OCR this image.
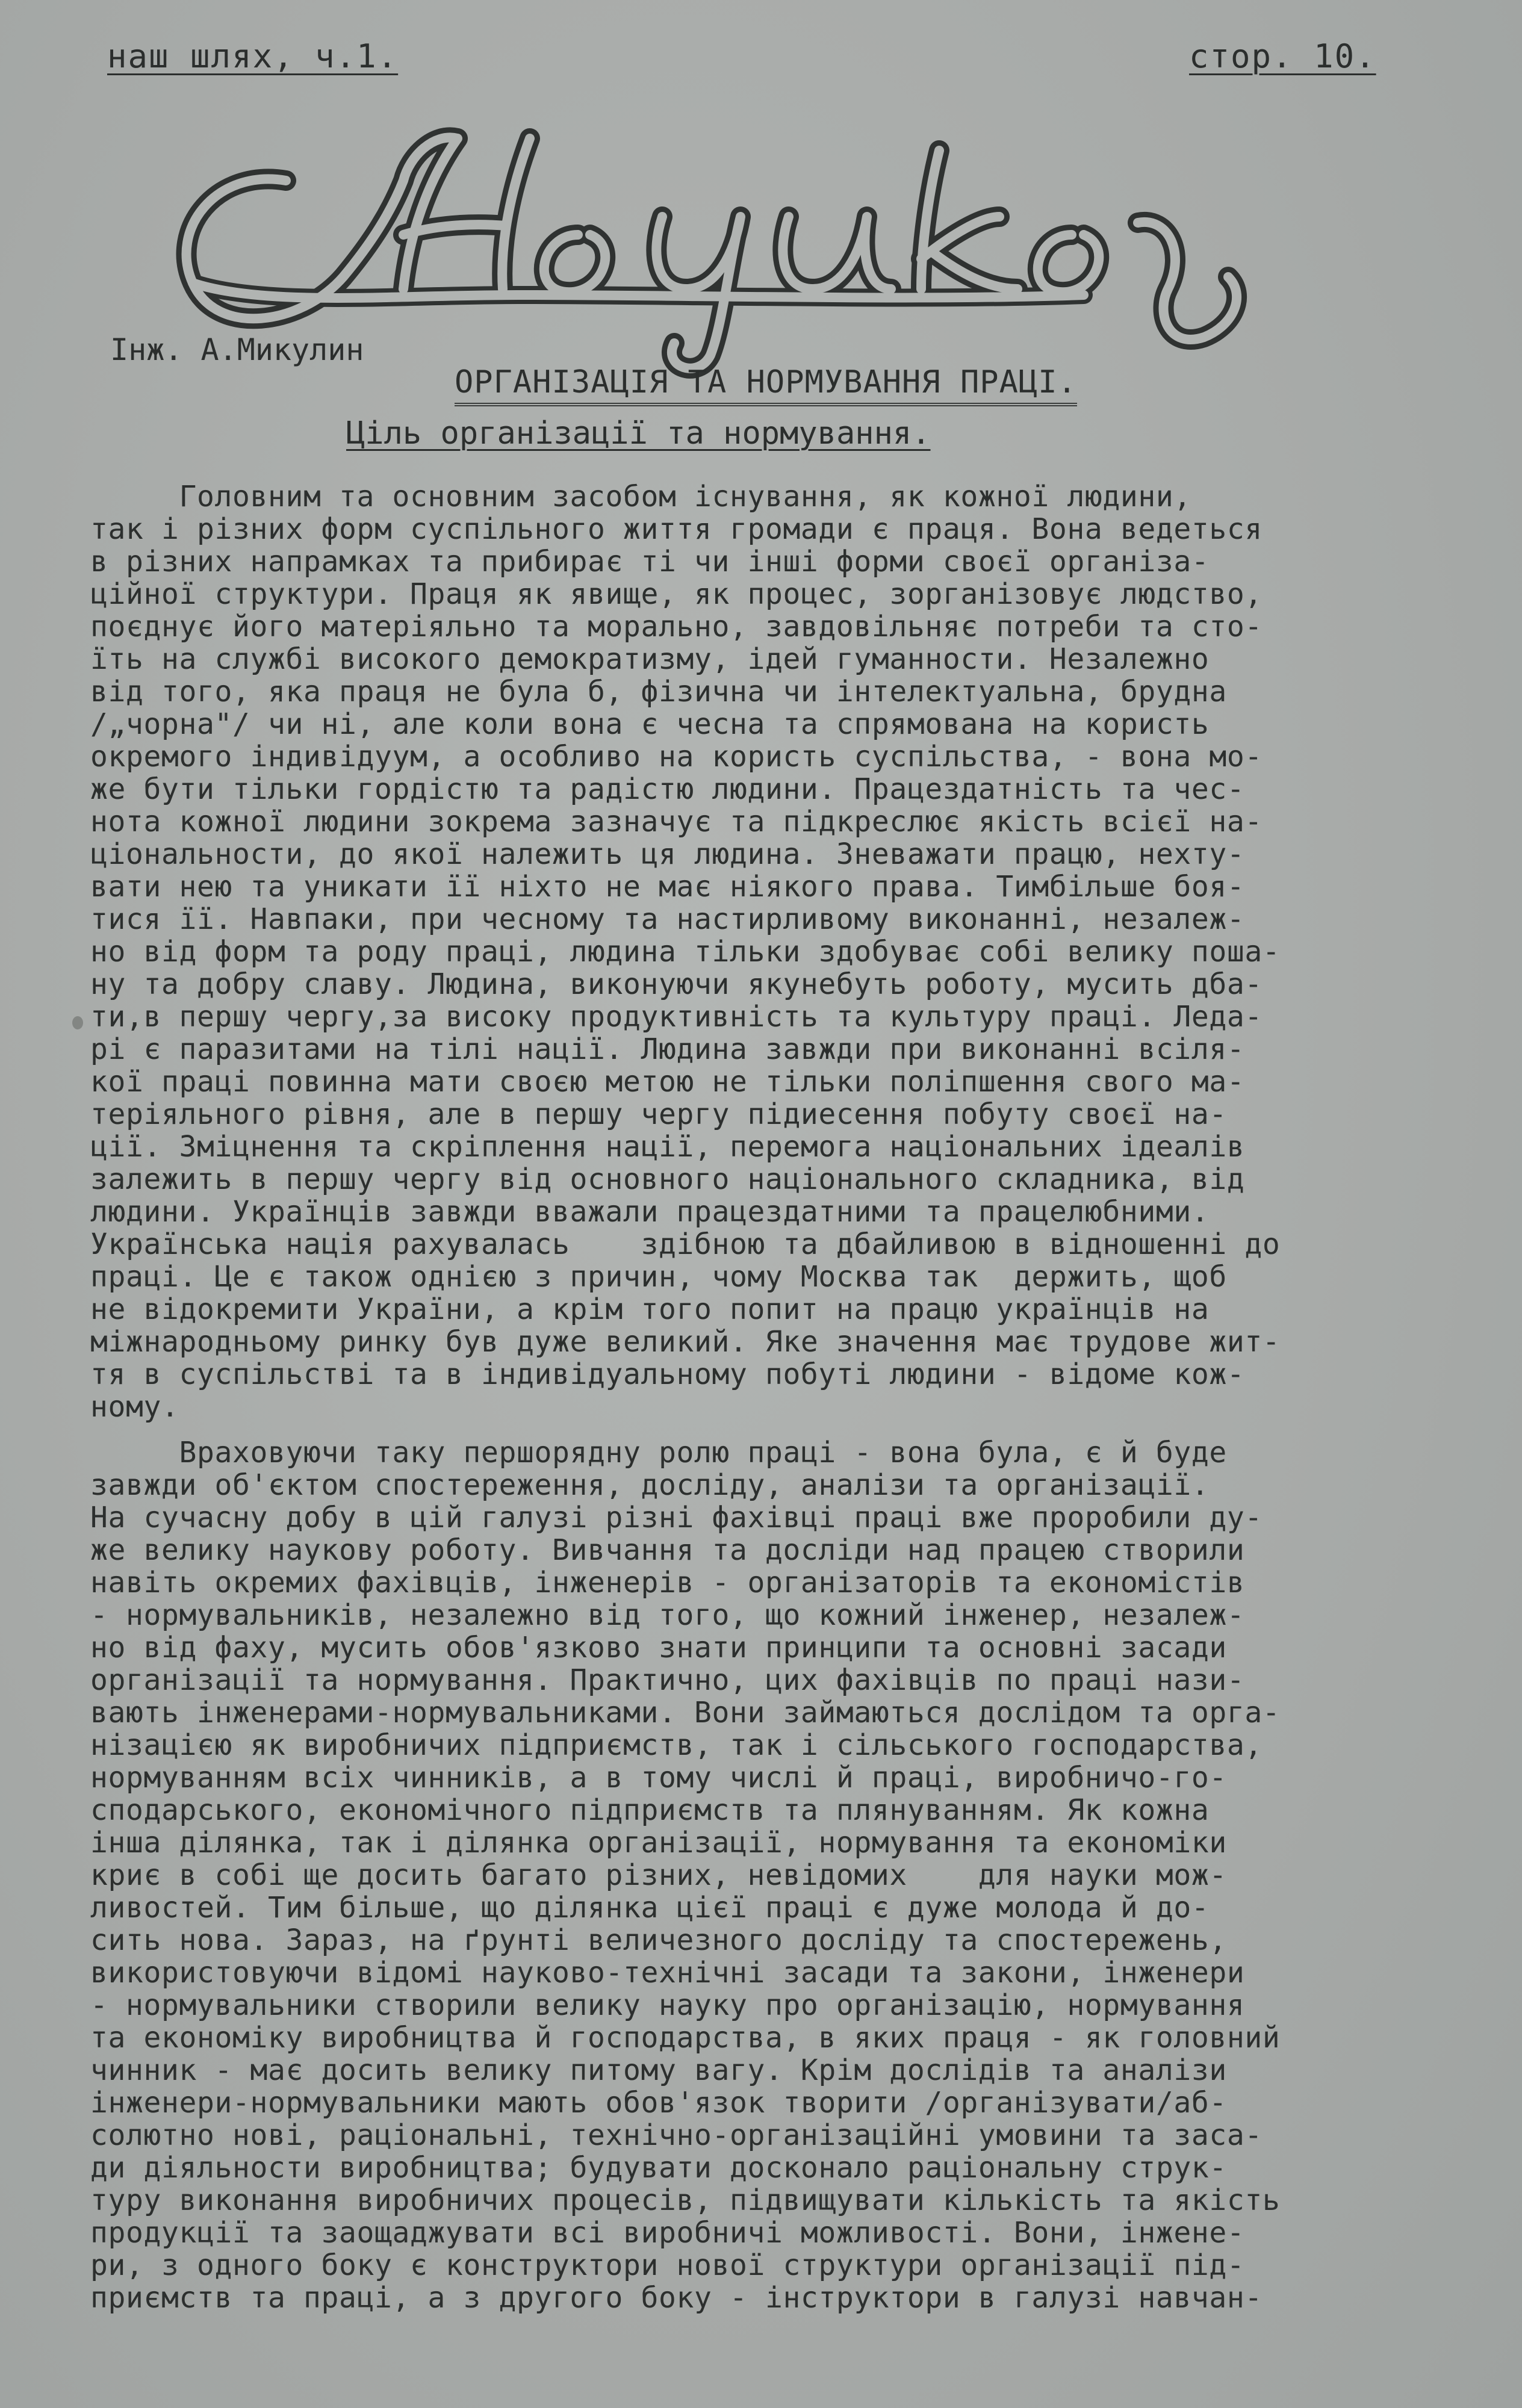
наш шлях, ч.1.	стор. 10.
Інж. А.Микулин
ОРГАНІЗАЦІЯ ТА НОРМУВАННЯ ПРАЦІ.
Ціль організації та нормування.
Головним та основним засобом існування, як кожної людини,
так і різних форм суспільного життя громади є праця. Вона ведеться
в різних напрамках та прибирає ті чи інші форми своєї організа-
ційної структури. Праця як явище, як процес, зорганізовує людство,
поєднує його матеріяльно та морально, завдовільняє потреби та сто-
їть на службі високого демократизму, ідей гуманности. Незалежно
від того, яка праця не була б, фізична чи інтелектуальна, брудна
/„чорна"/ чи ні, але коли вона є чесна та спрямована на користь
окремого індивідуум, а особливо на користь суспільства, - вона мо-
же бути тільки гордістю та радістю людини. Працездатність та чес-
нота кожної людини зокрема зазначує та підкреслює якість всієї на-
ціональности, до якої належить ця людина. Зневажати працю, нехту-
вати нею та уникати її ніхто не має ніякого права. Тимбільше боя-
тися її. Навпаки, при чесному та настирливому виконанні, незалеж-
но від форм та роду праці, людина тільки здобуває собі велику пошa-
ну та добру славу. Людина, виконуючи якунебуть роботу, мусить дба-
ти,в першу чергу,за високу продуктивність та культуру праці. Леда-
рі є паразитами на тілі нації. Людина завжди при виконанні всіля-
кої праці повинна мати своєю метою не тільки поліпшення свого ма-
теріяльного рівня, але в першу чергу підиесення побуту своєї на-
ції. Зміцнення та скріплення нації, перемога національних ідеалів
залежить в першу чергу від основного національного складника, від
людини. Українців завжди вважали працездатними та працелюбними.
Українська нація рахувалась    здібною та дбайливою в відношенні до
праці. Це є також однією з причин, чому Москва так  держить, щоб
не відокремити України, а крім того попит на працю українців на
міжнародньому ринку був дуже великий. Яке значення має трудове жит-
тя в суспільстві та в індивідуальному побуті людини - відоме кож-
ному.
Враховуючи таку першорядну ролю праці - вона була, є й буде
завжди об'єктом спостереження, досліду, аналізи та організації.
На сучасну добу в цій галузі різні фахівці праці вже проробили ду-
же велику наукову роботу. Вивчання та досліди над працею створили
навіть окремих фахівців, інженерів - організаторів та економістів
- нормувальників, незалежно від того, що кожний інженер, незалеж-
но від фаху, мусить обов'язково знати принципи та основні засади
організації та нормування. Практично, цих фахівців по праці нази-
вають інженерами-нормувальниками. Вони займаються дослідом та орга-
нізацією як виробничих підприємств, так і сільського господарства,
нормуванням всіх чинників, а в тому числі й праці, виробничо-го-
сподарського, економічного підприємств та плянуванням. Як кожна
інша ділянка, так і ділянка організації, нормування та економіки
криє в собі ще досить багато різних, невідомих    для науки мож-
ливостей. Тим більше, що ділянка цієї праці є дуже молода й до-
сить нова. Зараз, на ґрунті величезного досліду та спостережень,
використовуючи відомі науково-технічні засади та закони, інженери
- нормувальники створили велику науку про організацію, нормування
та економіку виробництва й господарства, в яких праця - як головний
чинник - має досить велику питому вагу. Крім дослідів та аналізи
інженери-нормувальники мають обов'язок творити /організувати/аб-
солютно нові, раціональні, технічно-організаційні умовини та заса-
ди діяльности виробництва; будувати досконало раціональну струк-
туру виконання виробничих процесів, підвищувати кількість та якість
продукції та заощаджувати всі виробничі можливості. Вони, інжене-
ри, з одного боку є конструктори нової структури організації під-
приємств та праці, а з другого боку - інструктори в галузі навчан-
